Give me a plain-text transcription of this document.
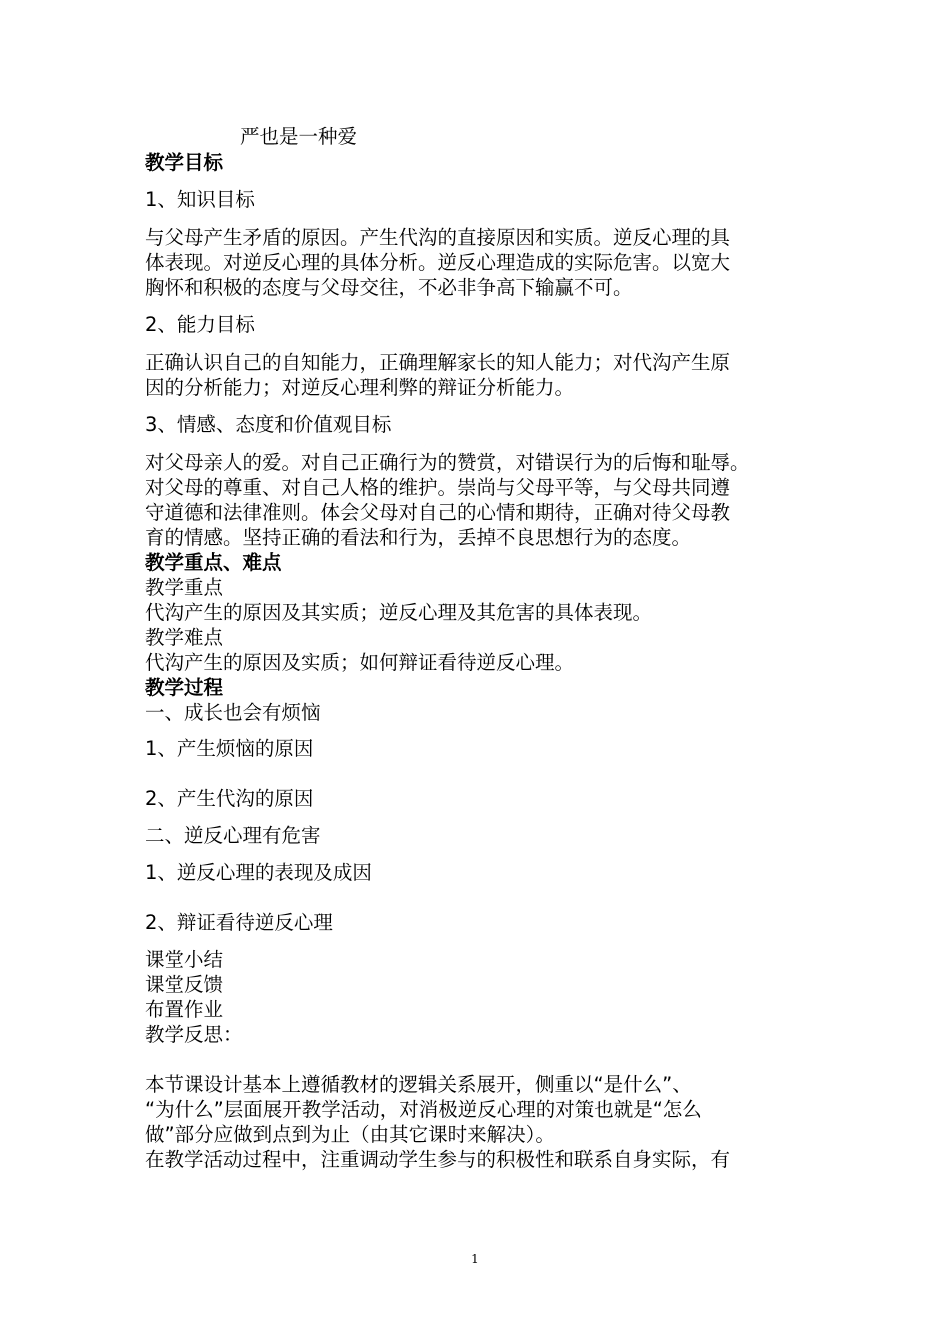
严也是一种爱
教学目标
1、知识目标
与父母产生矛盾的原因。产生代沟的直接原因和实质。逆反心理的具
体表现。对逆反心理的具体分析。逆反心理造成的实际危害。以宽大
胸怀和积极的态度与父母交往，不必非争高下输赢不可。
2、能力目标
正确认识自己的自知能力，正确理解家长的知人能力；对代沟产生原
因的分析能力；对逆反心理利弊的辩证分析能力。
3、情感、态度和价值观目标
对父母亲人的爱。对自己正确行为的赞赏，对错误行为的后悔和耻辱。
对父母的尊重、对自己人格的维护。崇尚与父母平等，与父母共同遵
守道德和法律准则。体会父母对自己的心情和期待，正确对待父母教
育的情感。坚持正确的看法和行为，丢掉不良思想行为的态度。
教学重点、难点
教学重点
代沟产生的原因及其实质；逆反心理及其危害的具体表现。
教学难点
代沟产生的原因及实质；如何辩证看待逆反心理。
教学过程
一、成长也会有烦恼
1、产生烦恼的原因
2、产生代沟的原因
二、逆反心理有危害
1、逆反心理的表现及成因
2、辩证看待逆反心理
课堂小结
课堂反馈
布置作业
教学反思：
本节课设计基本上遵循教材的逻辑关系展开，侧重以“是什么”、
“为什么”层面展开教学活动，对消极逆反心理的对策也就是“怎么
做”部分应做到点到为止（由其它课时来解决）。
在教学活动过程中，注重调动学生参与的积极性和联系自身实际，有
1
